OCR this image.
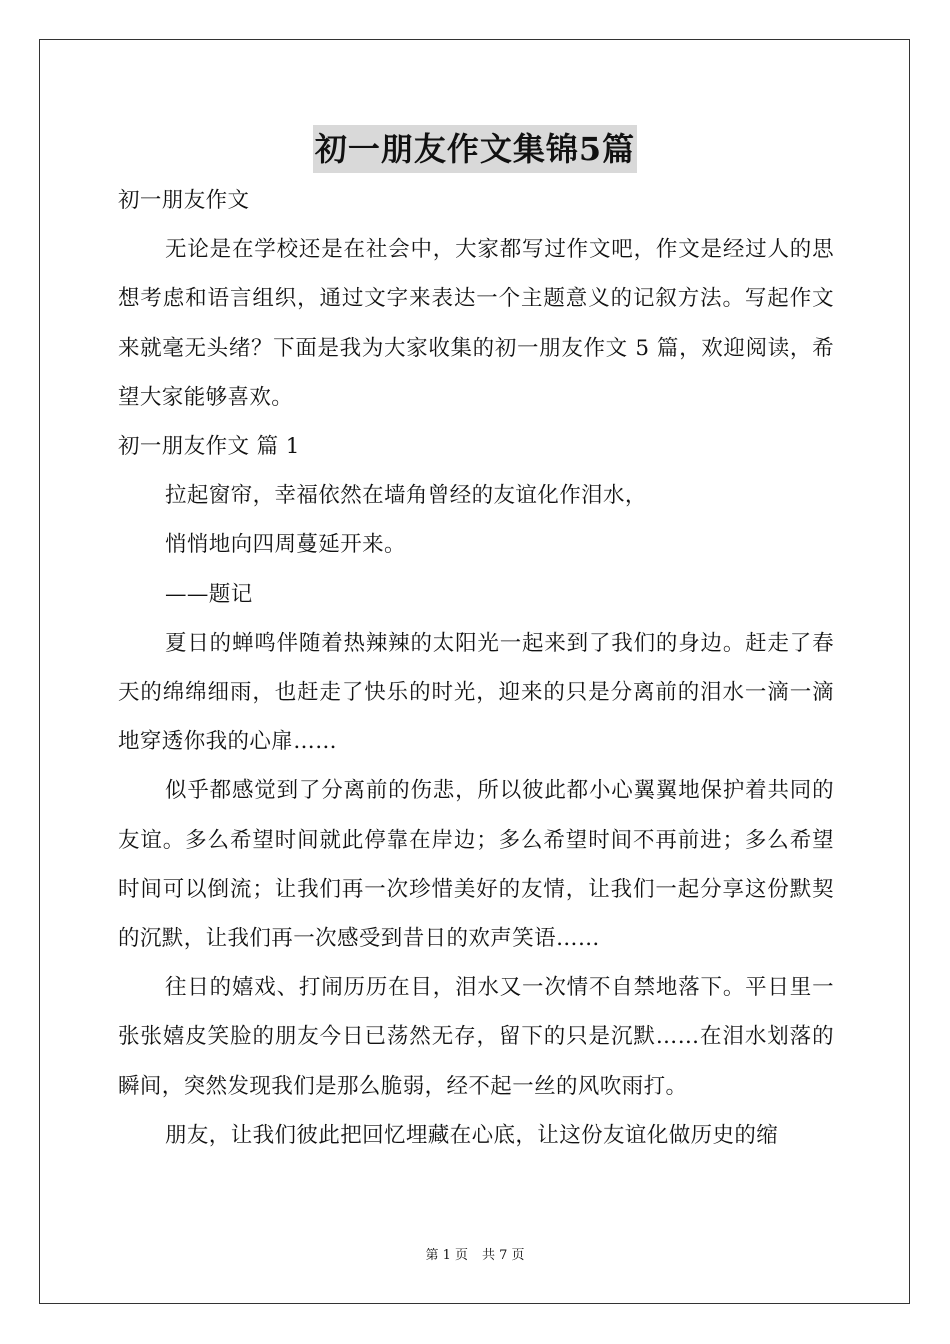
初一朋友作文集锦5篇

初一朋友作文

无论是在学校还是在社会中，大家都写过作文吧，作文是经过人的思想考虑和语言组织，通过文字来表达一个主题意义的记叙方法。写起作文来就毫无头绪？下面是我为大家收集的初一朋友作文 5 篇，欢迎阅读，希望大家能够喜欢。

初一朋友作文 篇 1

拉起窗帘，幸福依然在墙角曾经的友谊化作泪水，

悄悄地向四周蔓延开来。

——题记

夏日的蝉鸣伴随着热辣辣的太阳光一起来到了我们的身边。赶走了春天的绵绵细雨，也赶走了快乐的时光，迎来的只是分离前的泪水一滴一滴地穿透你我的心扉……

似乎都感觉到了分离前的伤悲，所以彼此都小心翼翼地保护着共同的友谊。多么希望时间就此停靠在岸边；多么希望时间不再前进；多么希望时间可以倒流；让我们再一次珍惜美好的友情，让我们一起分享这份默契的沉默，让我们再一次感受到昔日的欢声笑语……

往日的嬉戏、打闹历历在目，泪水又一次情不自禁地落下。平日里一张张嬉皮笑脸的朋友今日已荡然无存，留下的只是沉默……在泪水划落的瞬间，突然发现我们是那么脆弱，经不起一丝的风吹雨打。

朋友，让我们彼此把回忆埋藏在心底，让这份友谊化做历史的缩

第 1 页 共 7 页
